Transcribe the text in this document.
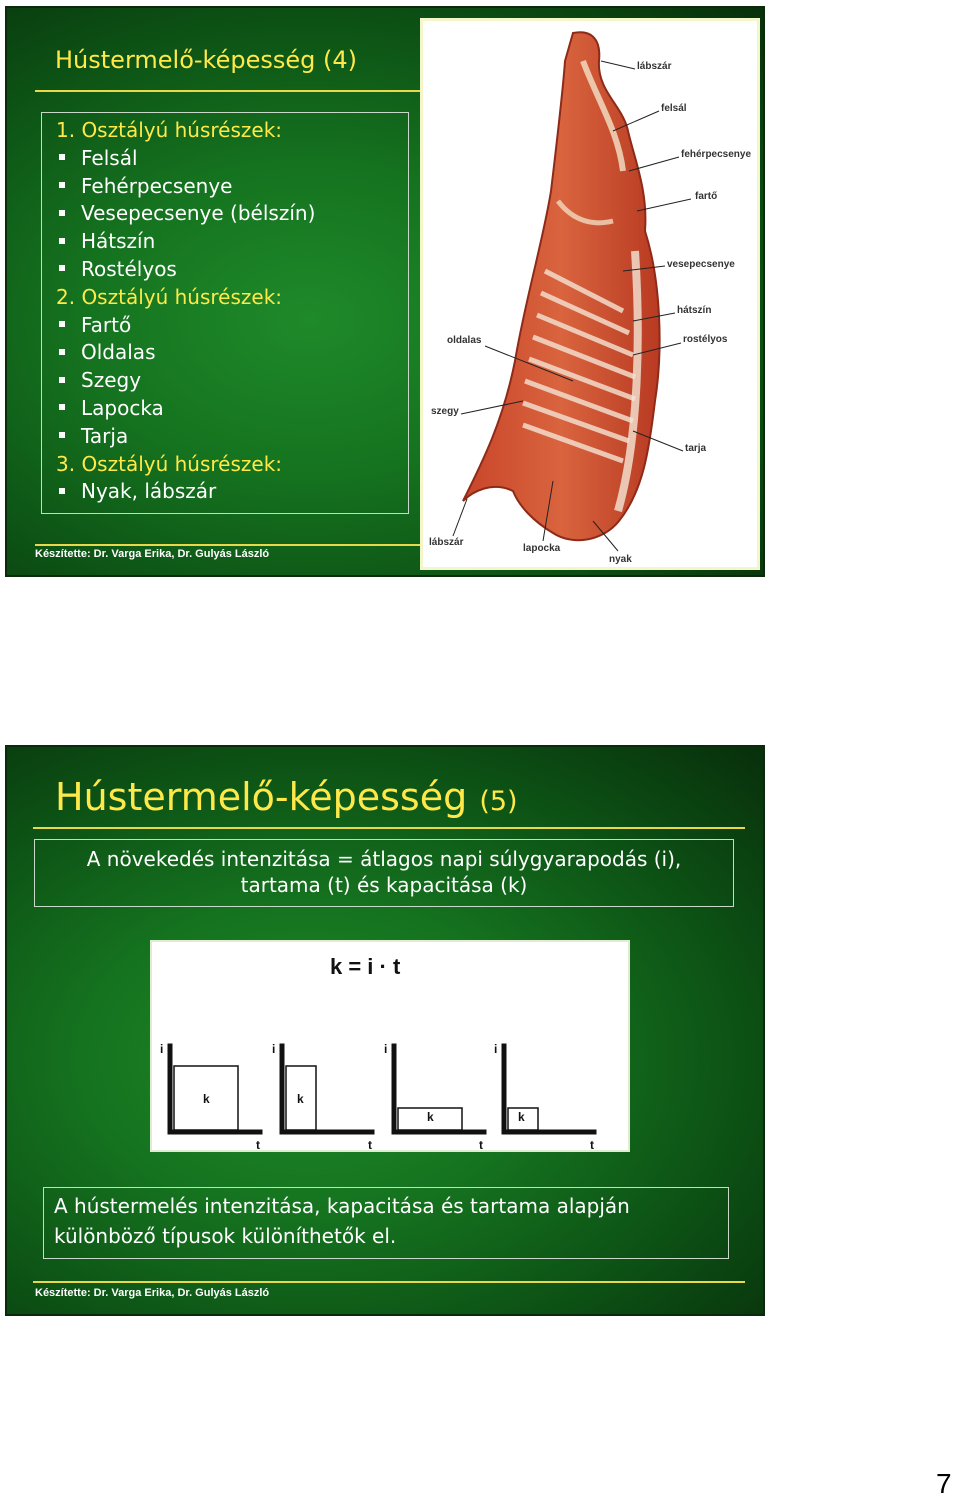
Hústermelő-képesség (4)
1. Osztályú húsrészek:
Felsál
Fehérpecsenye
Vesepecsenye (bélszín)
Hátszín
Rostélyos
2. Osztályú húsrészek:
Fartő
Oldalas
Szegy
Lapocka
Tarja
3. Osztályú húsrészek:
Nyak, lábszár
Készítette: Dr. Varga Erika, Dr. Gulyás László
lábszár
felsál
fehérpecsenye
fartő
vesepecsenye
hátszín
rostélyos
oldalas
szegy
tarja
lábszár
lapocka
nyak
Hústermelő-képesség (5)
A növekedés intenzitása = átlagos napi súlygyarapodás (i),
tartama (t) és kapacitása (k)
k = i · t
i	i	i	i
k	k
k	k
t	t	t	t
A hústermelés intenzitása, kapacitása és tartama alapján
különböző típusok különíthetők el.
Készítette: Dr. Varga Erika, Dr. Gulyás László
7
